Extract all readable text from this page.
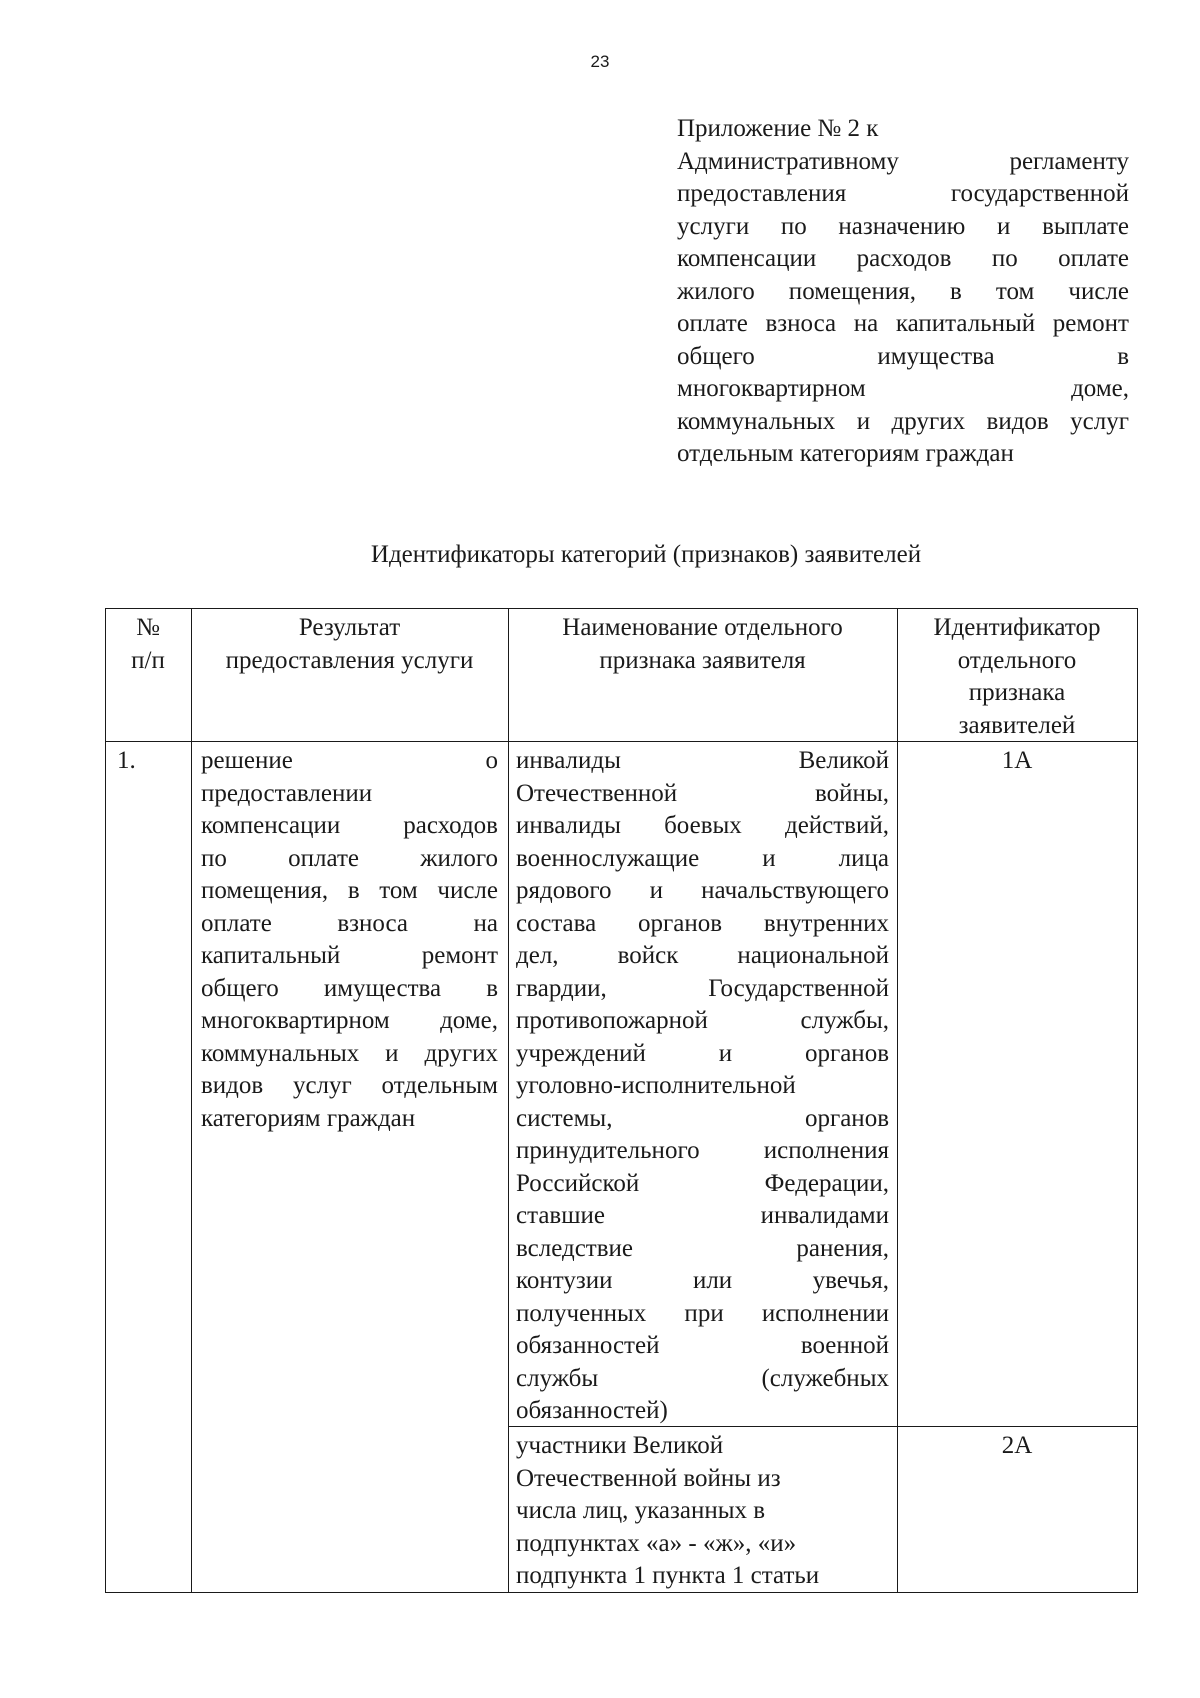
23
Приложение № 2 к
Административному регламенту
предоставления государственной
услуги по назначению и выплате
компенсации расходов по оплате
жилого помещения, в том числе
оплате взноса на капитальный ремонт
общего имущества в
многоквартирном доме,
коммунальных и других видов услуг
отдельным категориям граждан
Идентификаторы категорий (признаков) заявителей
№
п/п
Результат
предоставления услуги
Наименование отдельного
признака заявителя
Идентификатор
отдельного
признака
заявителей
1.	решение о
предоставлении
компенсации расходов
по оплате жилого
помещения, в том числе
оплате взноса на
капитальный ремонт
общего имущества в
многоквартирном доме,
коммунальных и других
видов услуг отдельным
категориям граждан
инвалиды Великой
Отечественной войны,
инвалиды боевых действий,
военнослужащие и лица
рядового и начальствующего
состава органов внутренних
дел, войск национальной
гвардии, Государственной
противопожарной службы,
учреждений и органов
уголовно-исполнительной
системы, органов
принудительного исполнения
Российской Федерации,
ставшие инвалидами
вследствие ранения,
контузии или увечья,
полученных при исполнении
обязанностей военной
службы (служебных
обязанностей)
1А
участники Великой
Отечественной войны из
числа лиц, указанных в
подпунктах «а» - «ж», «и»
подпункта 1 пункта 1 статьи
2А
